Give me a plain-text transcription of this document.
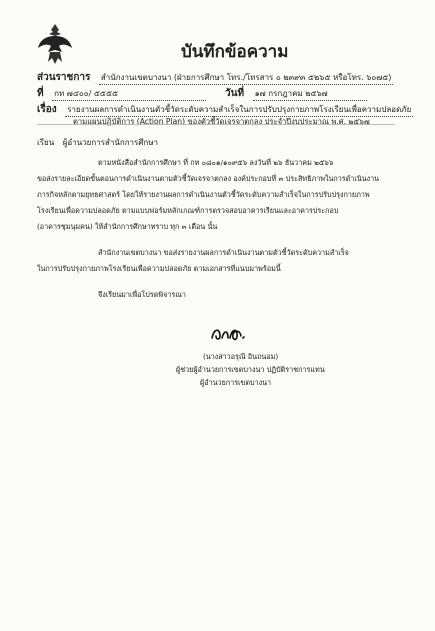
บันทึกข้อความ
ส่วนราชการ สำนักงานเขตบางนา (ฝ่ายการศึกษา โทร./โทรสาร ๐ ๒๓๙๓ ๕๒๖๕ หรือโทร. ๖๐๗๕)
ที่ กท ๗๔๐๐/ ๕๕๕๕	วันที่ ๑๗ กรกฎาคม ๒๕๖๗
เรื่อง รายงานผลการดำเนินงานตัวชี้วัดระดับความสำเร็จในการปรับปรุงกายภาพโรงเรียนเพื่อความปลอดภัย
ตามแผนปฏิบัติการ (Action Plan) ของตัวชี้วัดเจรจาตกลง ประจำปีงบประมาณ พ.ศ. ๒๕๖๗
เรียน ผู้อำนวยการสำนักการศึกษา
ตามหนังสือสำนักการศึกษา ที่ กท ๐๘๐๑/๑๐๙๕๖ ลงวันที่ ๒๖ ธันวาคม ๒๕๖๖
ขอส่งรายละเอียดขั้นตอนการดำเนินงานตามตัวชี้วัดเจรจาตกลง องค์ประกอบที่ ๓ ประสิทธิภาพในการดำเนินงาน
ภารกิจหลักตามยุทธศาสตร์ โดยให้รายงานผลการดำเนินงานตัวชี้วัดระดับความสำเร็จในการปรับปรุงกายภาพ
โรงเรียนเพื่อความปลอดภัย ตามแบบฟอร์มหลักเกณฑ์การตรวจสอบอาคารเรียนและอาคารประกอบ
(อาคารชุมนุมคน) ให้สำนักการศึกษาทราบ ทุก ๓ เดือน นั้น
สำนักงานเขตบางนา ขอส่งรายงานผลการดำเนินงานตามตัวชี้วัดระดับความสำเร็จ
ในการปรับปรุงกายภาพโรงเรียนเพื่อความปลอดภัย ตามเอกสารที่แนบมาพร้อมนี้
จึงเรียนมาเพื่อโปรดพิจารณา
(นางสาวอรุณี อินถนอม)
ผู้ช่วยผู้อำนวยการเขตบางนา ปฏิบัติราชการแทน
ผู้อำนวยการเขตบางนา
